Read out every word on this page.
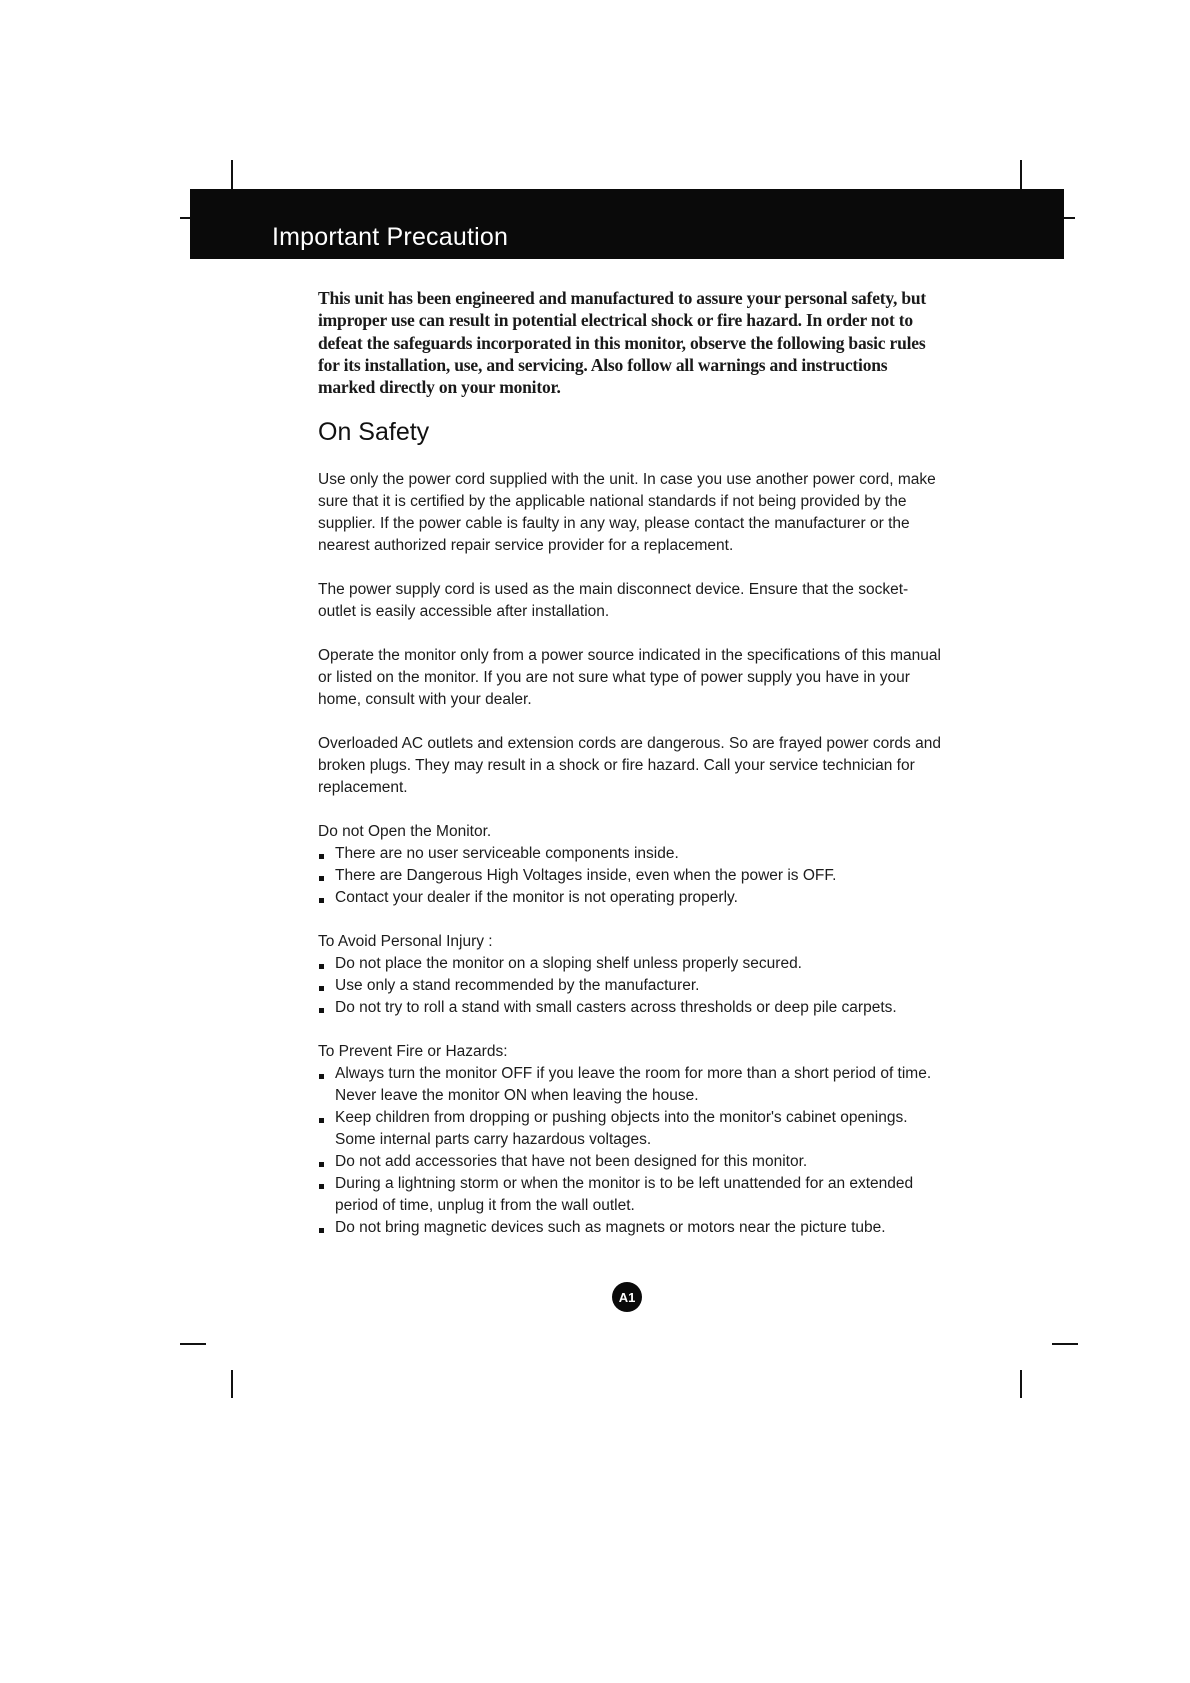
Important Precaution

This unit has been engineered and manufactured to assure your personal safety, but improper use can result in potential electrical shock or fire hazard. In order not to defeat the safeguards incorporated in this monitor, observe the following basic rules for its installation, use, and servicing. Also follow all warnings and instructions marked directly on your monitor.

On Safety

Use only the power cord supplied with the unit. In case you use another power cord, make sure that it is certified by the applicable national standards if not being provided by the supplier. If the power cable is faulty in any way, please contact the manufacturer or the nearest authorized repair service provider for a replacement.

The power supply cord is used as the main disconnect device. Ensure that the socket-outlet is easily accessible after installation.

Operate the monitor only from a power source indicated in the specifications of this manual or listed on the monitor. If you are not sure what type of power supply you have in your home, consult with your dealer.

Overloaded AC outlets and extension cords are dangerous. So are frayed power cords and broken plugs. They may result in a shock or fire hazard. Call your service technician for replacement.

Do not Open the Monitor.

There are no user serviceable components inside.
There are Dangerous High Voltages inside, even when the power is OFF.
Contact your dealer if the monitor is not operating properly.

To Avoid Personal Injury :

Do not place the monitor on a sloping shelf unless properly secured.
Use only a stand recommended by the manufacturer.
Do not try to roll a stand with small casters across thresholds or deep pile carpets.

To Prevent Fire or Hazards:

Always turn the monitor OFF if you leave the room for more than a short period of time. Never leave the monitor ON when leaving the house.
Keep children from dropping or pushing objects into the monitor's cabinet openings. Some internal parts carry hazardous voltages.
Do not add accessories that have not been designed for this monitor.
During a lightning storm or when the monitor is to be left unattended for an extended period of time, unplug it from the wall outlet.
Do not bring magnetic devices such as magnets or motors near the picture tube.
A1
